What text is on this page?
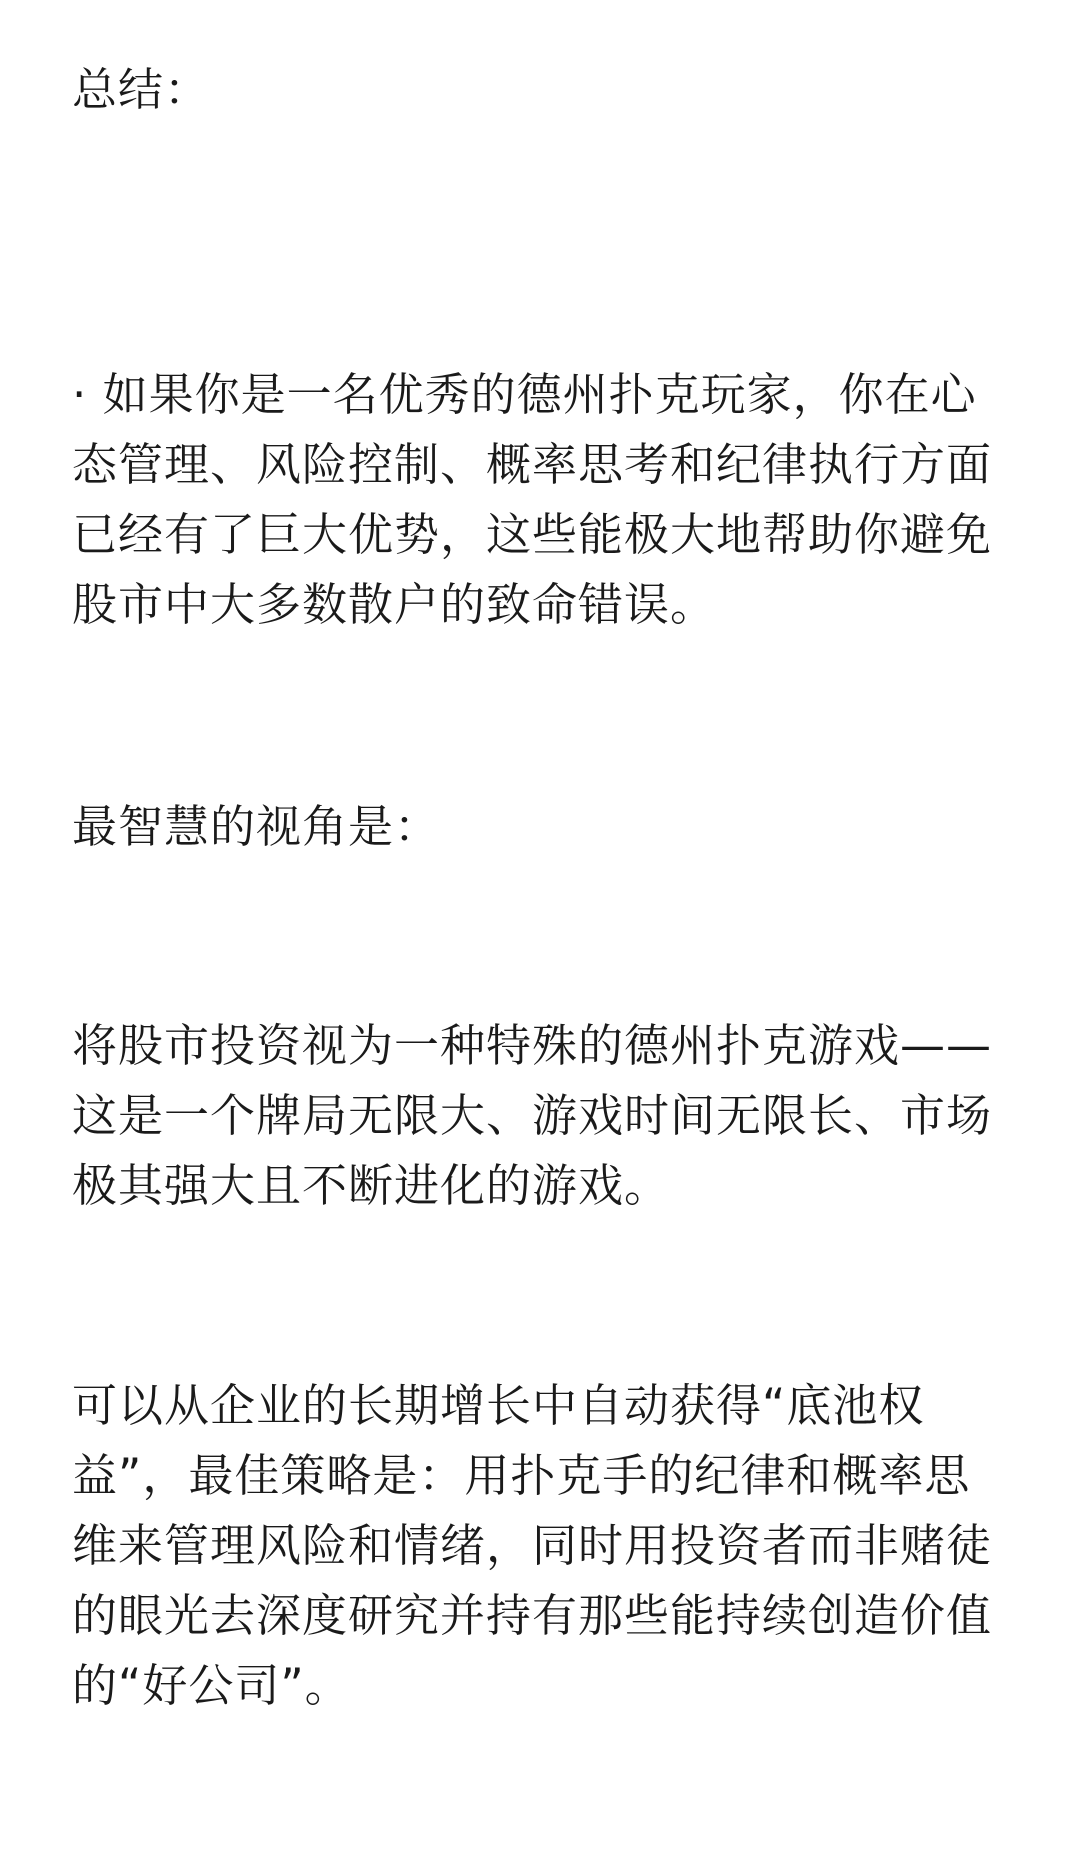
总结：

· 如果你是一名优秀的德州扑克玩家，你在心
态管理、风险控制、概率思考和纪律执行方面
已经有了巨大优势，这些能极大地帮助你避免
股市中大多数散户的致命错误。

最智慧的视角是：

将股市投资视为一种特殊的德州扑克游戏——
这是一个牌局无限大、游戏时间无限长、市场
极其强大且不断进化的游戏。

可以从企业的长期增长中自动获得“底池权
益”，最佳策略是：用扑克手的纪律和概率思
维来管理风险和情绪，同时用投资者而非赌徒
的眼光去深度研究并持有那些能持续创造价值
的“好公司”。
